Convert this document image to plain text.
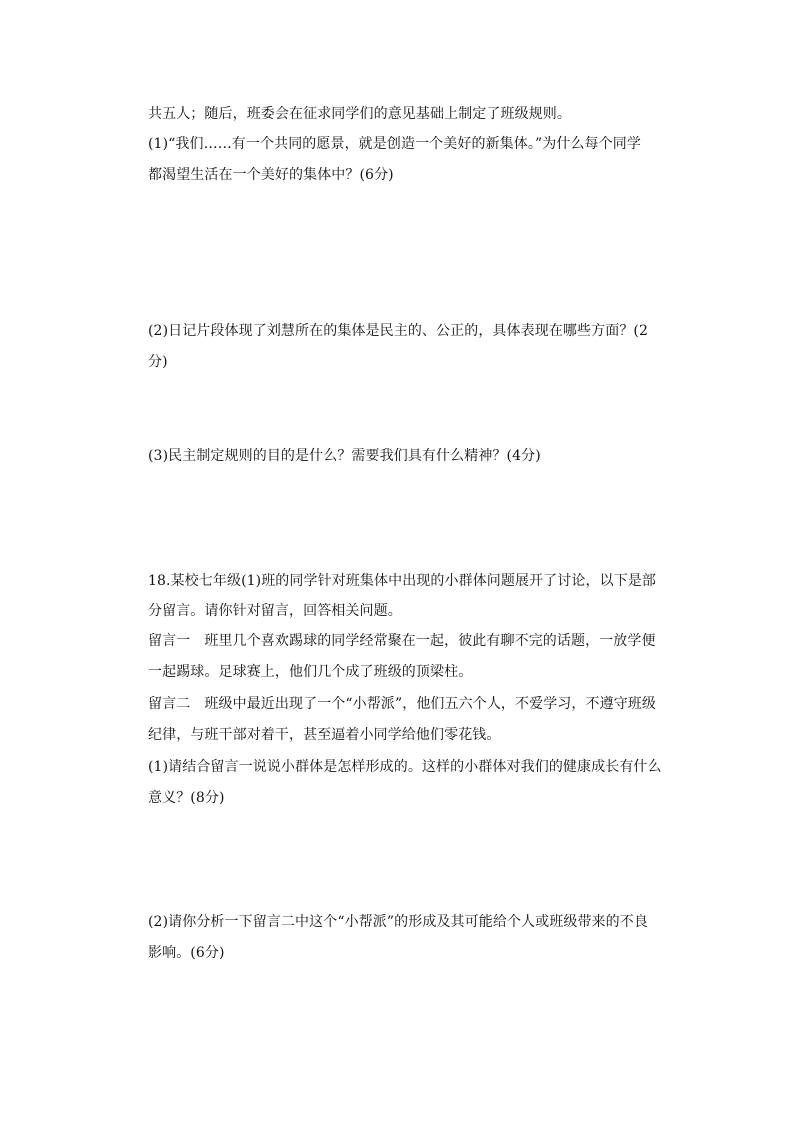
共五人；随后，班委会在征求同学们的意见基础上制定了班级规则。
(1)“我们……有一个共同的愿景，就是创造一个美好的新集体。”为什么每个同学
都渴望生活在一个美好的集体中？(6分)
(2)日记片段体现了刘慧所在的集体是民主的、公正的，具体表现在哪些方面？(2
分)
(3)民主制定规则的目的是什么？需要我们具有什么精神？(4分)
18.某校七年级(1)班的同学针对班集体中出现的小群体问题展开了讨论，以下是部
分留言。请你针对留言，回答相关问题。
留言一　班里几个喜欢踢球的同学经常聚在一起，彼此有聊不完的话题，一放学便
一起踢球。足球赛上，他们几个成了班级的顶梁柱。
留言二　班级中最近出现了一个“小帮派”，他们五六个人，不爱学习，不遵守班级
纪律，与班干部对着干，甚至逼着小同学给他们零花钱。
(1)请结合留言一说说小群体是怎样形成的。这样的小群体对我们的健康成长有什么
意义？(8分)
(2)请你分析一下留言二中这个“小帮派”的形成及其可能给个人或班级带来的不良
影响。(6分)
